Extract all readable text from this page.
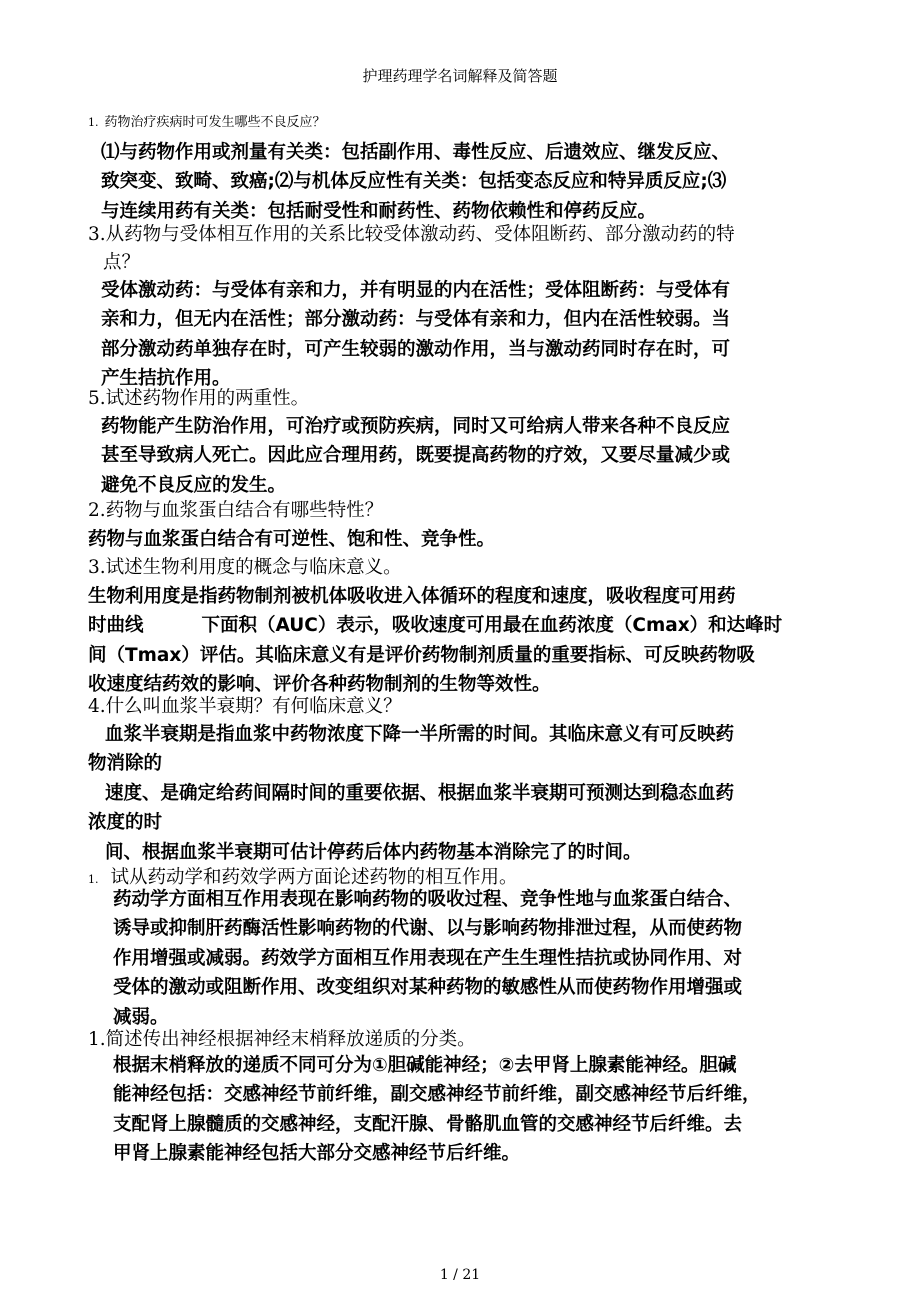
护理药理学名词解释及简答题
1. 药物治疗疾病时可发生哪些不良反应？
⑴与药物作用或剂量有关类：包括副作用、毒性反应、后遗效应、继发反应、
致突变、致畸、致癌;⑵与机体反应性有关类：包括变态反应和特异质反应;⑶
与连续用药有关类：包括耐受性和耐药性、药物依赖性和停药反应。
3.从药物与受体相互作用的关系比较受体激动药、受体阻断药、部分激动药的特
点？
受体激动药：与受体有亲和力，并有明显的内在活性；受体阻断药：与受体有
亲和力，但无内在活性；部分激动药：与受体有亲和力，但内在活性较弱。当
部分激动药单独存在时，可产生较弱的激动作用，当与激动药同时存在时，可
产生拮抗作用。
5.试述药物作用的两重性。
药物能产生防治作用，可治疗或预防疾病，同时又可给病人带来各种不良反应
甚至导致病人死亡。因此应合理用药，既要提高药物的疗效，又要尽量减少或
避免不良反应的发生。
2.药物与血浆蛋白结合有哪些特性？
药物与血浆蛋白结合有可逆性、饱和性、竞争性。
3.试述生物利用度的概念与临床意义。
生物利用度是指药物制剂被机体吸收进入体循环的程度和速度，吸收程度可用药
时曲线	下面积（AUC）表示，吸收速度可用最在血药浓度（Cmax）和达峰时
间（Tmax）评估。其临床意义有是评价药物制剂质量的重要指标、可反映药物吸
收速度结药效的影响、评价各种药物制剂的生物等效性。
4.什么叫血浆半衰期？有何临床意义？
血浆半衰期是指血浆中药物浓度下降一半所需的时间。其临床意义有可反映药
物消除的
速度、是确定给药间隔时间的重要依据、根据血浆半衰期可预测达到稳态血药
浓度的时
间、根据血浆半衰期可估计停药后体内药物基本消除完了的时间。
1. 试从药动学和药效学两方面论述药物的相互作用。
药动学方面相互作用表现在影响药物的吸收过程、竞争性地与血浆蛋白结合、
诱导或抑制肝药酶活性影响药物的代谢、以与影响药物排泄过程，从而使药物
作用增强或减弱。药效学方面相互作用表现在产生生理性拮抗或协同作用、对
受体的激动或阻断作用、改变组织对某种药物的敏感性从而使药物作用增强或
减弱。
1.简述传出神经根据神经末梢释放递质的分类。
根据末梢释放的递质不同可分为①胆碱能神经；②去甲肾上腺素能神经。胆碱
能神经包括：交感神经节前纤维，副交感神经节前纤维，副交感神经节后纤维，
支配肾上腺髓质的交感神经，支配汗腺、骨骼肌血管的交感神经节后纤维。去
甲肾上腺素能神经包括大部分交感神经节后纤维。
1 / 21
